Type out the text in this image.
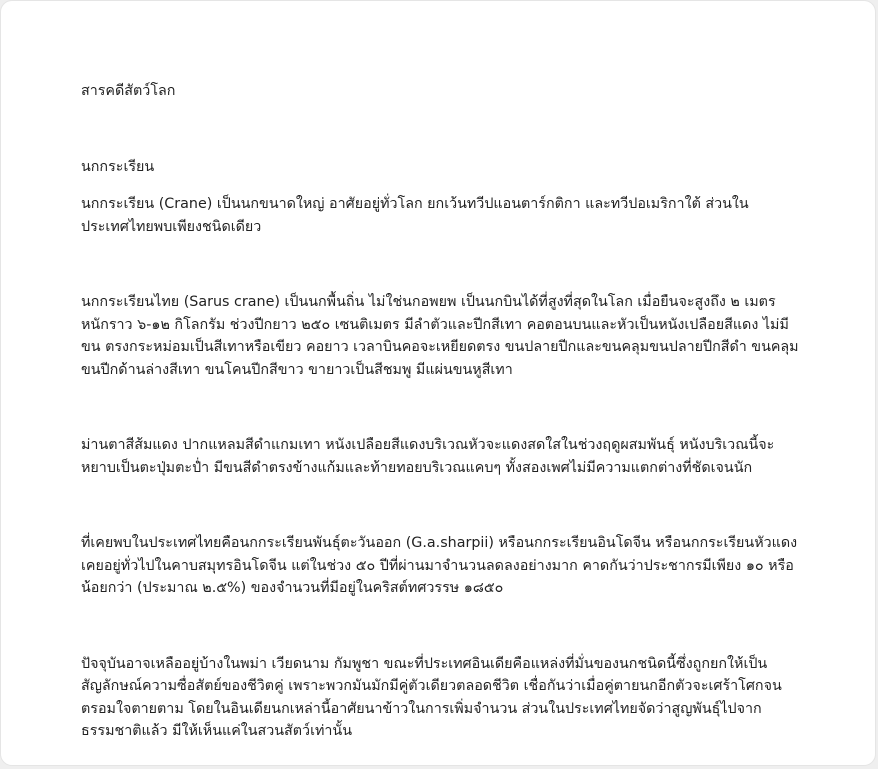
สารคดีสัตว์โลก

นกกระเรียน

นกกระเรียน (Crane) เป็นนกขนาดใหญ่ อาศัยอยู่ทั่วโลก ยกเว้นทวีปแอนตาร์กติกา และทวีปอเมริกาใต้ ส่วนในประเทศไทยพบเพียงชนิดเดียว

นกกระเรียนไทย (Sarus crane) เป็นนกพื้นถิ่น ไม่ใช่นกอพยพ เป็นนกบินได้ที่สูงที่สุดในโลก เมื่อยืนจะสูงถึง ๒ เมตร หนักราว ๖-๑๒ กิโลกรัม ช่วงปีกยาว ๒๕๐ เซนติเมตร มีลำตัวและปีกสีเทา คอตอนบนและหัวเป็นหนังเปลือยสีแดง ไม่มีขน ตรงกระหม่อมเป็นสีเทาหรือเขียว คอยาว เวลาบินคอจะเหยียดตรง ขนปลายปีกและขนคลุมขนปลายปีกสีดำ ขนคลุมขนปีกด้านล่างสีเทา ขนโคนปีกสีขาว ขายาวเป็นสีชมพู มีแผ่นขนหูสีเทา

ม่านตาสีส้มแดง ปากแหลมสีดำแกมเทา หนังเปลือยสีแดงบริเวณหัวจะแดงสดใสในช่วงฤดูผสมพันธุ์ หนังบริเวณนี้จะหยาบเป็นตะปุ่มตะป่ำ มีขนสีดำตรงข้างแก้มและท้ายทอยบริเวณแคบๆ ทั้งสองเพศไม่มีความแตกต่างที่ชัดเจนนัก

ที่เคยพบในประเทศไทยคือนกกระเรียนพันธุ์ตะวันออก (G.a.sharpii) หรือนกกระเรียนอินโดจีน หรือนกกระเรียนหัวแดง เคยอยู่ทั่วไปในคาบสมุทรอินโดจีน แต่ในช่วง ๕๐ ปีที่ผ่านมาจำนวนลดลงอย่างมาก คาดกันว่าประชากรมีเพียง ๑๐ หรือน้อยกว่า (ประมาณ ๒.๕%) ของจำนวนที่มีอยู่ในคริสต์ทศวรรษ ๑๘๕๐

ปัจจุบันอาจเหลืออยู่บ้างในพม่า เวียดนาม กัมพูชา ขณะที่ประเทศอินเดียคือแหล่งที่มั่นของนกชนิดนี้ซึ่งถูกยกให้เป็นสัญลักษณ์ความซื่อสัตย์ของชีวิตคู่ เพราะพวกมันมักมีคู่ตัวเดียวตลอดชีวิต เชื่อกันว่าเมื่อคู่ตายนกอีกตัวจะเศร้าโศกจนตรอมใจตายตาม โดยในอินเดียนกเหล่านี้อาศัยนาข้าวในการเพิ่มจำนวน ส่วนในประเทศไทยจัดว่าสูญพันธุ์ไปจากธรรมชาติแล้ว มีให้เห็นแค่ในสวนสัตว์เท่านั้น
